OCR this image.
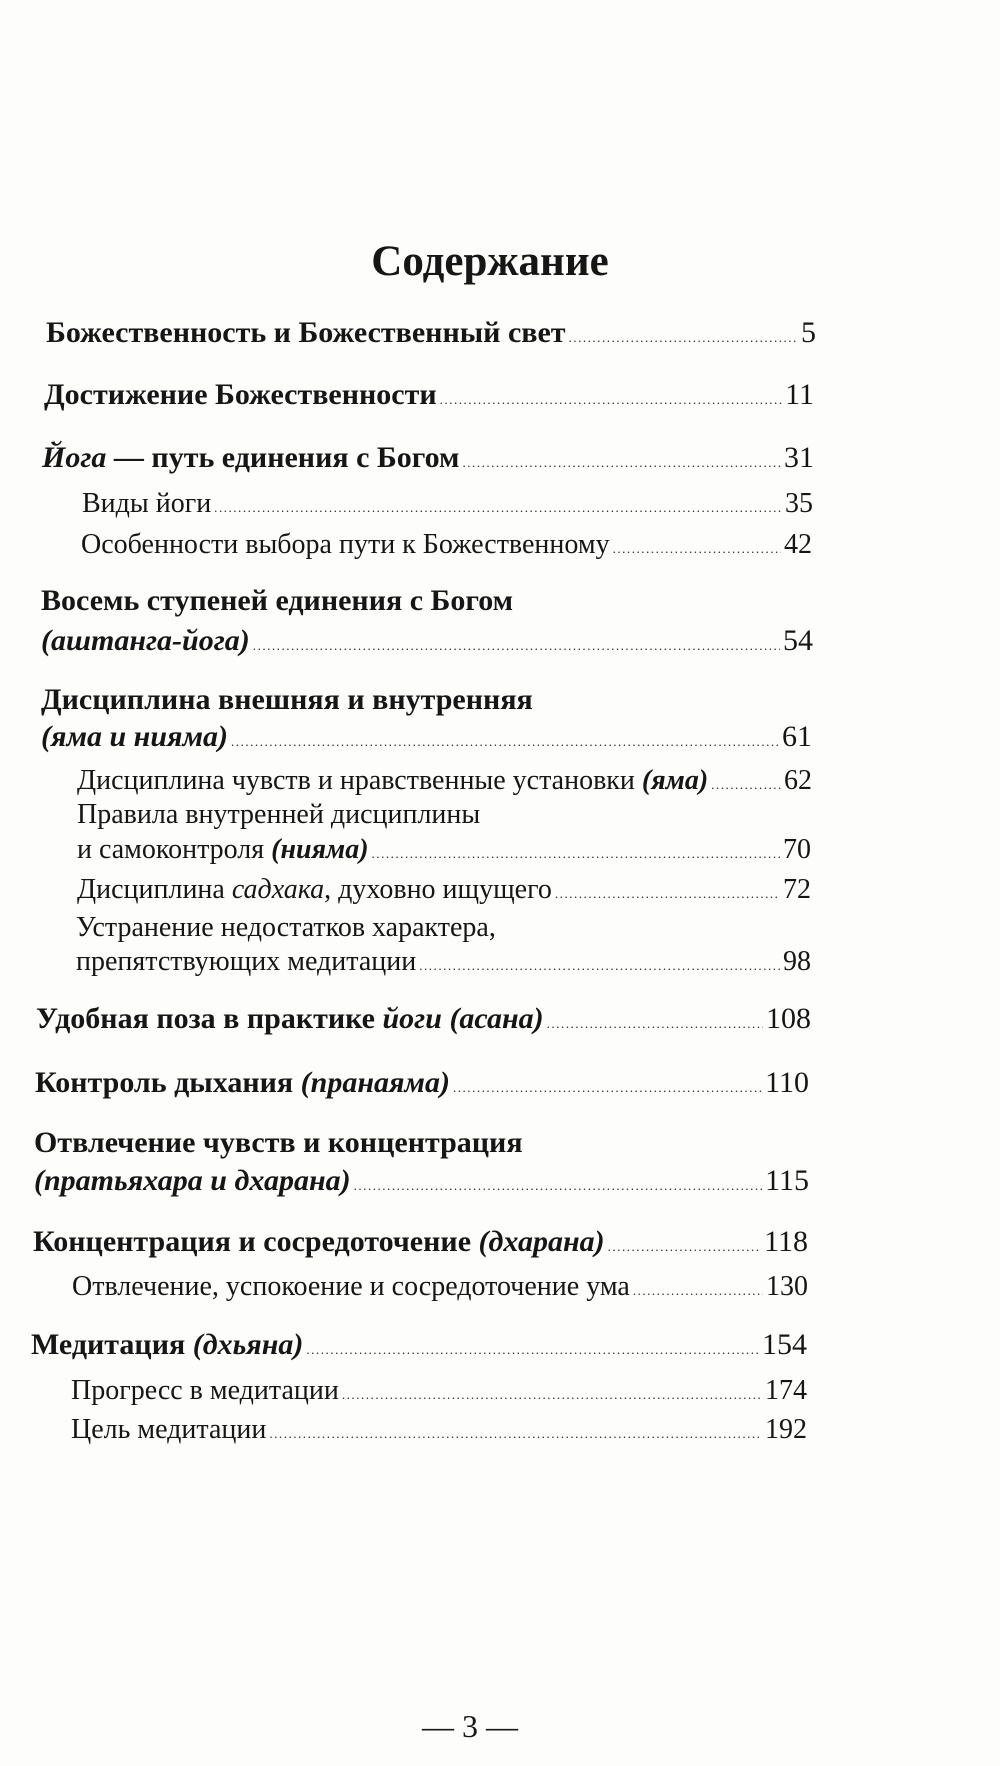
Содержание
Божественность и Божественный свет .....	5
Достижение Божественности .....	11
Йога — путь единения с Богом .....	31
Виды йоги .....	35
Особенности выбора пути к Божественному .....	42
Восемь ступеней единения с Богом
(аштанга-йога) .....	54
Дисциплина внешняя и внутренняя
(яма и нияма) .....	61
Дисциплина чувств и нравственные установки (яма) .....	62
Правила внутренней дисциплины
и самоконтроля (нияма) .....	70
Дисциплина садхака, духовно ищущего .....	72
Устранение недостатков характера,
препятствующих медитации .....	98
Удобная поза в практике йоги (асана) .....	108
Контроль дыхания (пранаяма) .....	110
Отвлечение чувств и концентрация
(пратьяхара и дхарана) .....	115
Концентрация и сосредоточение (дхарана) .....	118
Отвлечение, успокоение и сосредоточение ума .....	130
Медитация (дхьяна) .....	154
Прогресс в медитации .....	174
Цель медитации .....	192
— 3 —
